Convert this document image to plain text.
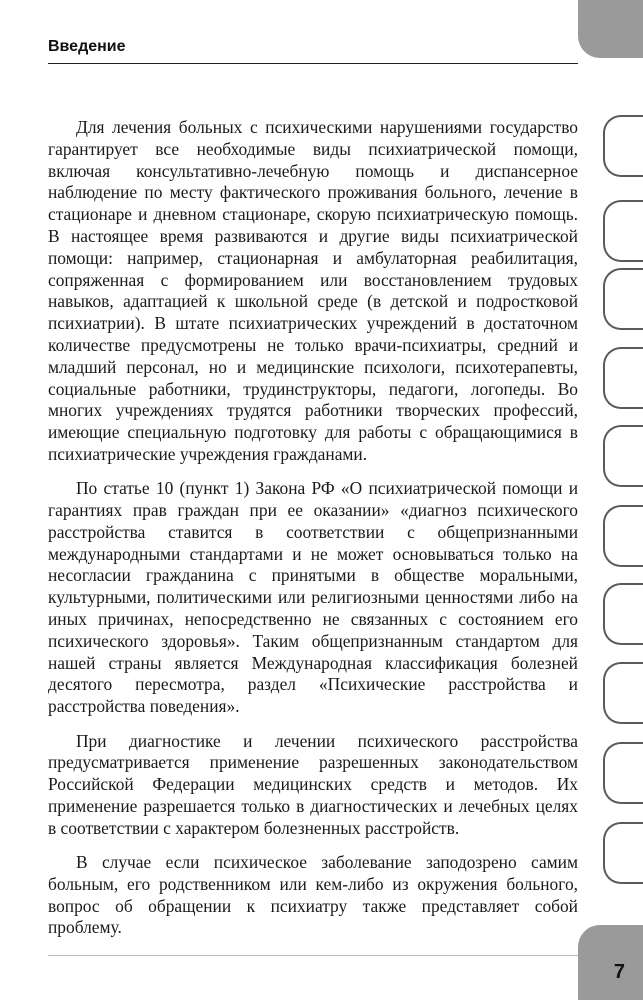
Введение

Для лечения больных с психическими нарушениями государство гарантирует все необходимые виды психиатрической помощи, включая консультативно-лечебную помощь и диспансерное наблюдение по месту фактического проживания больного, лечение в стационаре и дневном стационаре, скорую психиатрическую помощь. В настоящее время развиваются и другие виды психиатрической помощи: например, стационарная и амбулаторная реабилитация, сопряженная с формированием или восстановлением трудовых навыков, адаптацией к школьной среде (в детской и подростковой психиатрии). В штате психиатрических учреждений в достаточном количестве предусмотрены не только врачи-психиатры, средний и младший персонал, но и медицинские психологи, психотерапевты, социальные работники, трудинструкторы, педагоги, логопеды. Во многих учреждениях трудятся работники творческих профессий, имеющие специальную подготовку для работы с обращающимися в психиатрические учреждения гражданами.

По статье 10 (пункт 1) Закона РФ «О психиатрической помощи и гарантиях прав граждан при ее оказании» «диагноз психического расстройства ставится в соответствии с общепризнанными международными стандартами и не может основываться только на несогласии гражданина с принятыми в обществе моральными, культурными, политическими или религиозными ценностями либо на иных причинах, непосредственно не связанных с состоянием его психического здоровья». Таким общепризнанным стандартом для нашей страны является Международная классификация болезней десятого пересмотра, раздел «Психические расстройства и расстройства поведения».

При диагностике и лечении психического расстройства предусматривается применение разрешенных законодательством Российской Федерации медицинских средств и методов. Их применение разрешается только в диагностических и лечебных целях в соответствии с характером болезненных расстройств.

В случае если психическое заболевание заподозрено самим больным, его родственником или кем-либо из окружения больного, вопрос об обращении к психиатру также представляет собой проблему.

7
